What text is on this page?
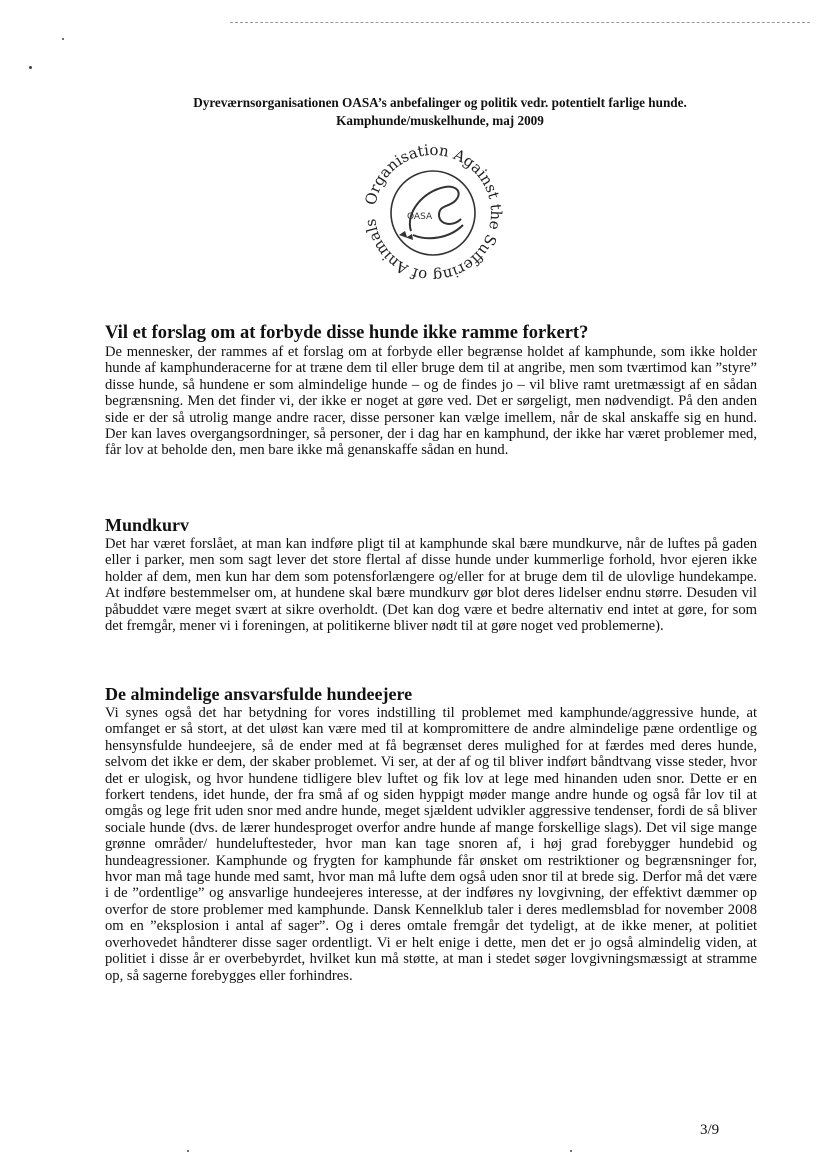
Dyreværnsorganisationen OASA’s anbefalinger og politik vedr. potentielt farlige hunde.
Kamphunde/muskelhunde, maj 2009
Organisation Against the Suffering of Animals
OASA
Vil et forslag om at forbyde disse hunde ikke ramme forkert?

De mennesker, der rammes af et forslag om at forbyde eller begrænse holdet af kamphunde, som ikke holder hunde af kamphunderacerne for at træne dem til eller bruge dem til at angribe, men som tværtimod kan ”styre” disse hunde, så hundene er som almindelige hunde – og de findes jo – vil blive ramt uretmæssigt af en sådan begrænsning. Men det finder vi, der ikke er noget at gøre ved. Det er sørgeligt, men nødvendigt. På den anden side er der så utrolig mange andre racer, disse personer kan vælge imellem, når de skal anskaffe sig en hund. Der kan laves overgangsordninger, så personer, der i dag har en kamphund, der ikke har været problemer med, får lov at beholde den, men bare ikke må genanskaffe sådan en hund.

Mundkurv

Det har været forslået, at man kan indføre pligt til at kamphunde skal bære mundkurve, når de luftes på gaden eller i parker, men som sagt lever det store flertal af disse hunde under kummerlige forhold, hvor ejeren ikke holder af dem, men kun har dem som potensforlængere og/eller for at bruge dem til de ulovlige hundekampe. At indføre bestemmelser om, at hundene skal bære mundkurv gør blot deres lidelser endnu større. Desuden vil påbuddet være meget svært at sikre overholdt. (Det kan dog være et bedre alternativ end intet at gøre, for som det fremgår, mener vi i foreningen, at politikerne bliver nødt til at gøre noget ved problemerne).

De almindelige ansvarsfulde hundeejere

Vi synes også det har betydning for vores indstilling til problemet med kamphunde/aggressive hunde, at omfanget er så stort, at det uløst kan være med til at kompromittere de andre almindelige pæne ordentlige og hensynsfulde hundeejere, så de ender med at få begrænset deres mulighed for at færdes med deres hunde, selvom det ikke er dem, der skaber problemet. Vi ser, at der af og til bliver indført båndtvang visse steder, hvor det er ulogisk, og hvor hundene tidligere blev luftet og fik lov at lege med hinanden uden snor. Dette er en forkert tendens, idet hunde, der fra små af og siden hyppigt møder mange andre hunde og også får lov til at omgås og lege frit uden snor med andre hunde, meget sjældent udvikler aggressive tendenser, fordi de så bliver sociale hunde (dvs. de lærer hundesproget overfor andre hunde af mange forskellige slags). Det vil sige mange grønne områder/ hundeluftesteder, hvor man kan tage snoren af, i høj grad forebygger hundebid og hundeagressioner. Kamphunde og frygten for kamphunde får ønsket om restriktioner og begrænsninger for, hvor man må tage hunde med samt, hvor man må lufte dem også uden snor til at brede sig. Derfor må det være i de ”ordentlige” og ansvarlige hundeejeres interesse, at der indføres ny lovgivning, der effektivt dæmmer op overfor de store problemer med kamphunde. Dansk Kennelklub taler i deres medlemsblad for november 2008 om en ”eksplosion i antal af sager”. Og i deres omtale fremgår det tydeligt, at de ikke mener, at politiet overhovedet håndterer disse sager ordentligt. Vi er helt enige i dette, men det er jo også almindelig viden, at politiet i disse år er overbebyrdet, hvilket kun må støtte, at man i stedet søger lovgivningsmæssigt at stramme op, så sagerne forebygges eller forhindres.

3/9
